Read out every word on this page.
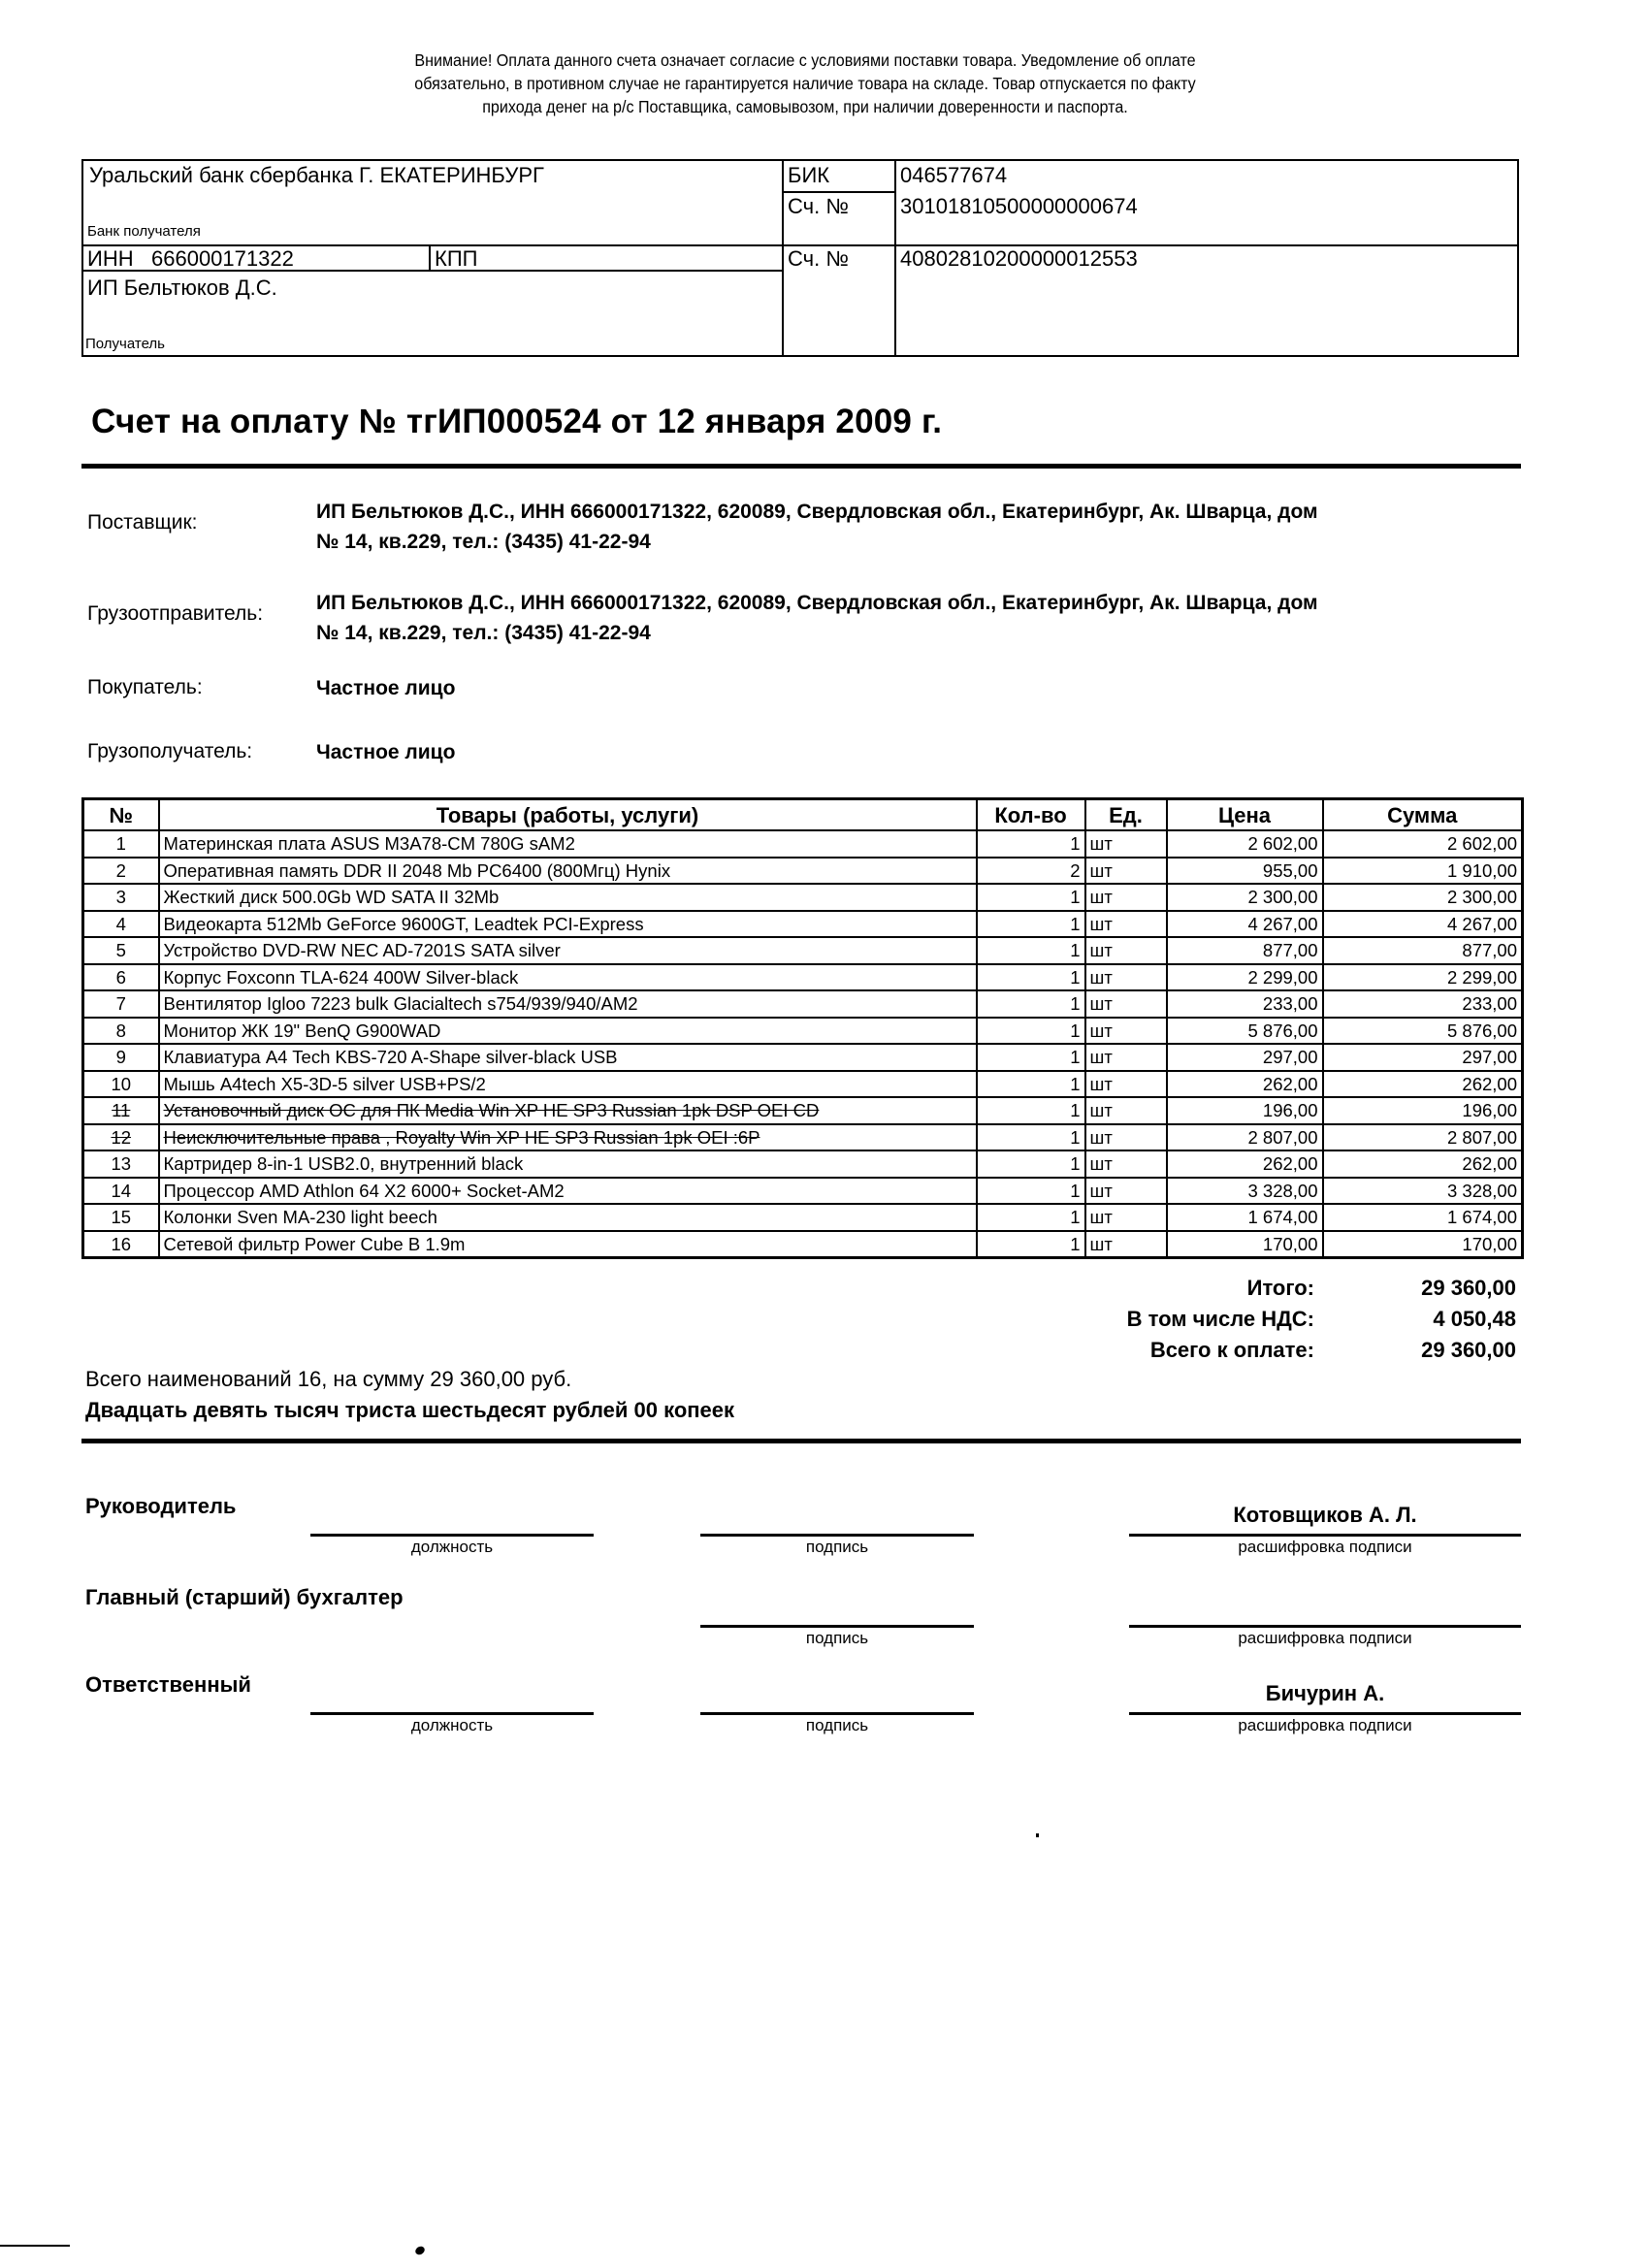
Внимание! Оплата данного счета означает согласие с условиями поставки товара. Уведомление об оплате
обязательно, в противном случае не гарантируется наличие товара на складе. Товар отпускается по факту
прихода денег на р/с Поставщика, самовывозом, при наличии доверенности и паспорта.
Уральский банк сбербанка Г. ЕКАТЕРИНБУРГ
Банк получателя
БИК	046577674
Сч. № 30101810500000000674
ИНН 666000171322	КПП	Сч. № 40802810200000012553
ИП Бельтюков Д.С.
Получатель
Счет на оплату № тгИП000524 от 12 января 2009 г.
Поставщик:	ИП Бельтюков Д.С., ИНН 666000171322, 620089, Свердловская обл., Екатеринбург, Ак. Шварца, дом
№ 14, кв.229, тел.: (3435) 41-22-94
Грузоотправитель:	ИП Бельтюков Д.С., ИНН 666000171322, 620089, Свердловская обл., Екатеринбург, Ак. Шварца, дом
№ 14, кв.229, тел.: (3435) 41-22-94
Покупатель:	Частное лицо
Грузополучатель:	Частное лицо
№	Товары (работы, услуги)	Кол-во	Ед.	Цена	Сумма
1	Материнская плата ASUS M3A78-CM 780G sAM2	1	шт	2 602,00	2 602,00
2	Оперативная память DDR II 2048 Mb PC6400 (800Мгц) Hynix	2	шт	955,00	1 910,00
3	Жесткий диск 500.0Gb WD SATA II 32Mb	1	шт	2 300,00	2 300,00
4	Видеокарта 512Mb GeForce 9600GT, Leadtek PCI-Express	1	шт	4 267,00	4 267,00
5	Устройство DVD-RW NEC AD-7201S SATA silver	1	шт	877,00	877,00
6	Корпус Foxconn TLA-624 400W Silver-black	1	шт	2 299,00	2 299,00
7	Вентилятор Igloo 7223 bulk Glacialtech s754/939/940/AM2	1	шт	233,00	233,00
8	Монитор ЖК 19" BenQ G900WAD	1	шт	5 876,00	5 876,00
9	Клавиатура A4 Tech KBS-720 A-Shape silver-black USB	1	шт	297,00	297,00
10	Мышь A4tech X5-3D-5 silver USB+PS/2	1	шт	262,00	262,00
11	Установочный диск ОС для ПК Media Win XP HE SP3 Russian 1pk DSP OEI CD	1	шт	196,00	196,00
12	Неисключительные права , Royalty Win XP HE SP3 Russian 1pk OEI :6P	1	шт	2 807,00	2 807,00
13	Картридер 8-in-1 USB2.0, внутренний black	1	шт	262,00	262,00
14	Процессор AMD Athlon 64 X2 6000+ Socket-AM2	1	шт	3 328,00	3 328,00
15	Колонки Sven MA-230 light beech	1	шт	1 674,00	1 674,00
16	Сетевой фильтр Power Cube B 1.9m	1	шт	170,00	170,00
Итого:	29 360,00
В том числе НДС:	4 050,48
Всего к оплате:	29 360,00
Всего наименований 16, на сумму 29 360,00 руб.
Двадцать девять тысяч триста шестьдесят рублей 00 копеек
Руководитель
должность	подпись
Котовщиков А. Л.
расшифровка подписи
Главный (старший) бухгалтер
подпись	расшифровка подписи
Ответственный
должность	подпись
Бичурин А.
расшифровка подписи
